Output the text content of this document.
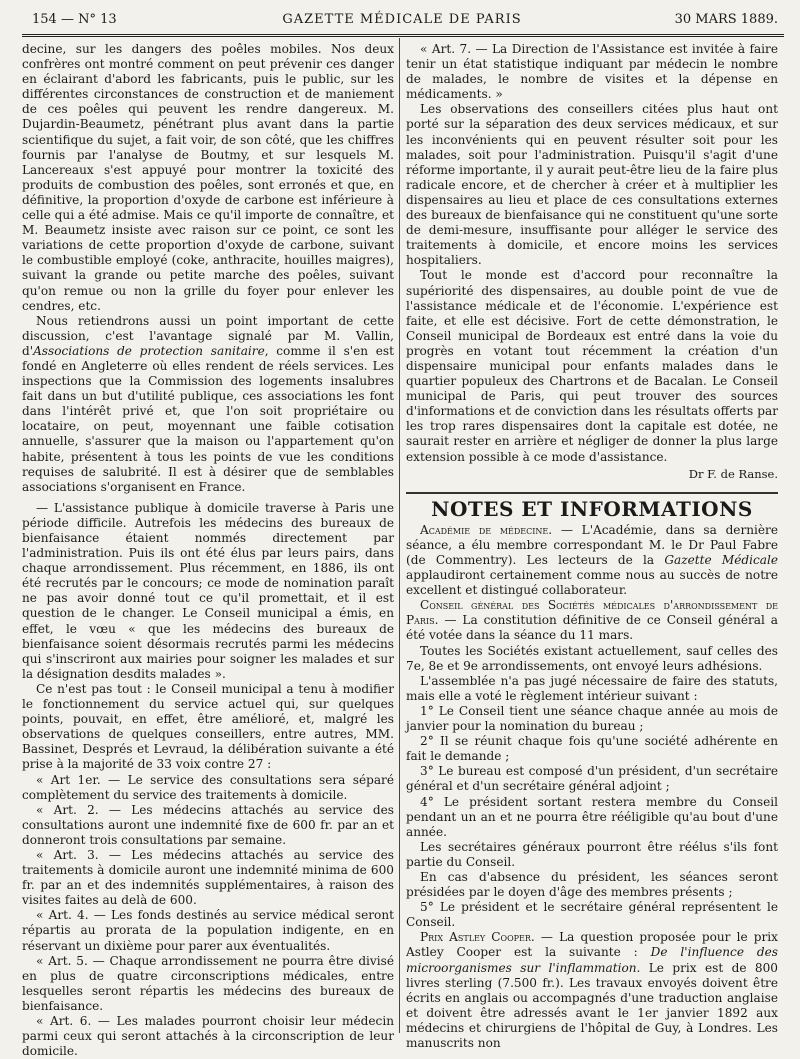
154 — N° 13	GAZETTE MÉDICALE DE PARIS	30 MARS 1889.

decine, sur les dangers des poêles mobiles. Nos deux confrères ont montré comment on peut prévenir ces danger en éclairant d'abord les fabricants, puis le public, sur les différentes circonstances de construction et de maniement de ces poêles qui peuvent les rendre dangereux. M. Dujardin-Beaumetz, pénétrant plus avant dans la partie scientifique du sujet, a fait voir, de son côté, que les chiffres fournis par l'analyse de Boutmy, et sur lesquels M. Lancereaux s'est appuyé pour montrer la toxicité des produits de combustion des poêles, sont erronés et que, en définitive, la proportion d'oxyde de carbone est inférieure à celle qui a été admise. Mais ce qu'il importe de connaître, et M. Beaumetz insiste avec raison sur ce point, ce sont les variations de cette proportion d'oxyde de carbone, suivant le combustible employé (coke, anthracite, houilles maigres), suivant la grande ou petite marche des poêles, suivant qu'on remue ou non la grille du foyer pour enlever les cendres, etc.

Nous retiendrons aussi un point important de cette discussion, c'est l'avantage signalé par M. Vallin, d'Associations de protection sanitaire, comme il s'en est fondé en Angleterre où elles rendent de réels services. Les inspections que la Commission des logements insalubres fait dans un but d'utilité publique, ces associations les font dans l'intérêt privé et, que l'on soit propriétaire ou locataire, on peut, moyennant une faible cotisation annuelle, s'assurer que la maison ou l'appartement qu'on habite, présentent à tous les points de vue les conditions requises de salubrité. Il est à désirer que de semblables associations s'organisent en France.

— L'assistance publique à domicile traverse à Paris une période difficile. Autrefois les médecins des bureaux de bienfaisance étaient nommés directement par l'administration. Puis ils ont été élus par leurs pairs, dans chaque arrondissement. Plus récemment, en 1886, ils ont été recrutés par le concours; ce mode de nomination paraît ne pas avoir donné tout ce qu'il promettait, et il est question de le changer. Le Conseil municipal a émis, en effet, le vœu « que les médecins des bureaux de bienfaisance soient désormais recrutés parmi les médecins qui s'inscriront aux mairies pour soigner les malades et sur la désignation desdits malades ».

Ce n'est pas tout : le Conseil municipal a tenu à modifier le fonctionnement du service actuel qui, sur quelques points, pouvait, en effet, être amélioré, et, malgré les observations de quelques conseillers, entre autres, MM. Bassinet, Després et Levraud, la délibération suivante a été prise à la majorité de 33 voix contre 27 :

« Art 1er. — Le service des consultations sera séparé complètement du service des traitements à domicile.

« Art. 2. — Les médecins attachés au service des consultations auront une indemnité fixe de 600 fr. par an et donneront trois consultations par semaine.

« Art. 3. — Les médecins attachés au service des traitements à domicile auront une indemnité minima de 600 fr. par an et des indemnités supplémentaires, à raison des visites faites au delà de 600.

« Art. 4. — Les fonds destinés au service médical seront répartis au prorata de la population indigente, en en réservant un dixième pour parer aux éventualités.

« Art. 5. — Chaque arrondissement ne pourra être divisé en plus de quatre circonscriptions médicales, entre lesquelles seront répartis les médecins des bureaux de bienfaisance.

« Art. 6. — Les malades pourront choisir leur médecin parmi ceux qui seront attachés à la circonscription de leur domicile.

« Art. 7. — La Direction de l'Assistance est invitée à faire tenir un état statistique indiquant par médecin le nombre de malades, le nombre de visites et la dépense en médicaments. »

Les observations des conseillers citées plus haut ont porté sur la séparation des deux services médicaux, et sur les inconvénients qui en peuvent résulter soit pour les malades, soit pour l'administration. Puisqu'il s'agit d'une réforme importante, il y aurait peut-être lieu de la faire plus radicale encore, et de chercher à créer et à multiplier les dispensaires au lieu et place de ces consultations externes des bureaux de bienfaisance qui ne constituent qu'une sorte de demi-mesure, insuffisante pour alléger le service des traitements à domicile, et encore moins les services hospitaliers.

Tout le monde est d'accord pour reconnaître la supériorité des dispensaires, au double point de vue de l'assistance médicale et de l'économie. L'expérience est faite, et elle est décisive. Fort de cette démonstration, le Conseil municipal de Bordeaux est entré dans la voie du progrès en votant tout récemment la création d'un dispensaire municipal pour enfants malades dans le quartier populeux des Chartrons et de Bacalan. Le Conseil municipal de Paris, qui peut trouver des sources d'informations et de conviction dans les résultats offerts par les trop rares dispensaires dont la capitale est dotée, ne saurait rester en arrière et négliger de donner la plus large extension possible à ce mode d'assistance.

Dr F. de Ranse.
NOTES ET INFORMATIONS

Académie de médecine. — L'Académie, dans sa dernière séance, a élu membre correspondant M. le Dr Paul Fabre (de Commentry). Les lecteurs de la Gazette Médicale applaudiront certainement comme nous au succès de notre excellent et distingué collaborateur.

Conseil général des Sociétés médicales d'arrondissement de Paris. — La constitution définitive de ce Conseil général a été votée dans la séance du 11 mars.

Toutes les Sociétés existant actuellement, sauf celles des 7e, 8e et 9e arrondissements, ont envoyé leurs adhésions.

L'assemblée n'a pas jugé nécessaire de faire des statuts, mais elle a voté le règlement intérieur suivant :

1° Le Conseil tient une séance chaque année au mois de janvier pour la nomination du bureau ;

2° Il se réunit chaque fois qu'une société adhérente en fait le demande ;

3° Le bureau est composé d'un président, d'un secrétaire général et d'un secrétaire général adjoint ;

4° Le président sortant restera membre du Conseil pendant un an et ne pourra être rééligible qu'au bout d'une année.

Les secrétaires généraux pourront être réélus s'ils font partie du Conseil.

En cas d'absence du président, les séances seront présidées par le doyen d'âge des membres présents ;

5° Le président et le secrétaire général représentent le Conseil.

Prix Astley Cooper. — La question proposée pour le prix Astley Cooper est la suivante : De l'influence des microorganismes sur l'inflammation. Le prix est de 800 livres sterling (7.500 fr.). Les travaux envoyés doivent être écrits en anglais ou accompagnés d'une traduction anglaise et doivent être adressés avant le 1er janvier 1892 aux médecins et chirurgiens de l'hôpital de Guy, à Londres. Les manuscrits non
